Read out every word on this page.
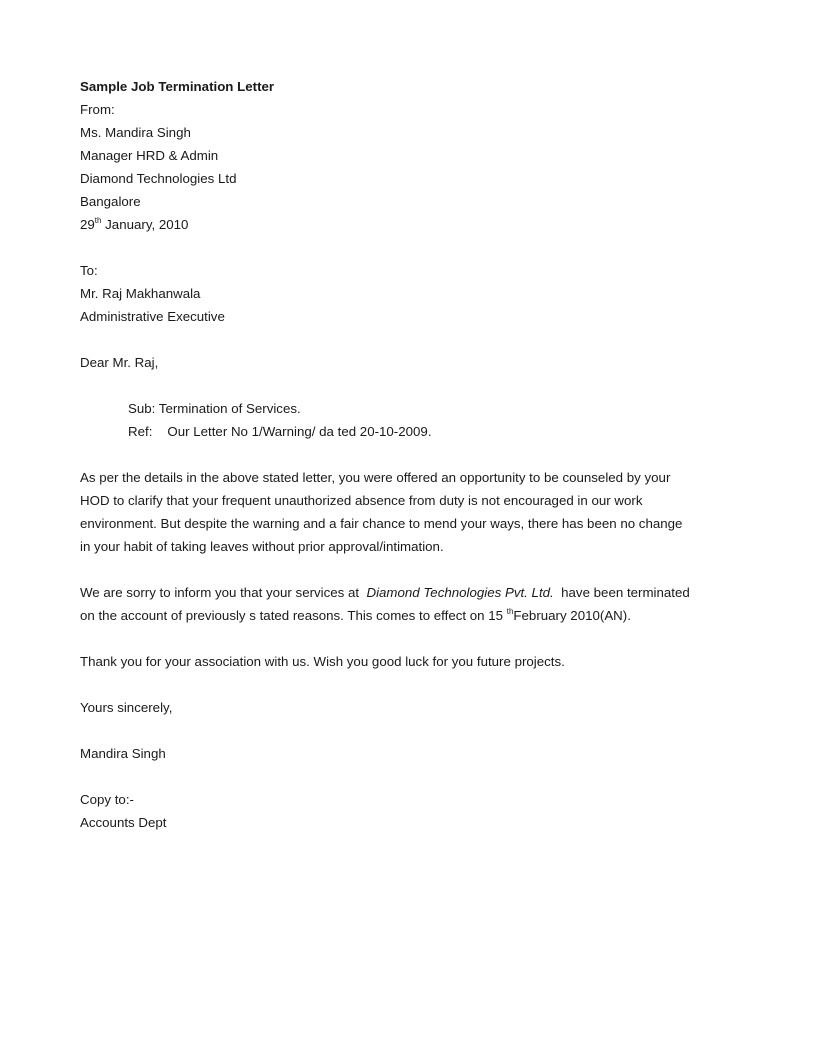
Sample Job Termination Letter
From:
Ms. Mandira Singh
Manager HRD & Admin
Diamond Technologies Ltd
Bangalore
29th January, 2010
To:
Mr. Raj Makhanwala
Administrative Executive
Dear Mr. Raj,
Sub: Termination of Services.
Ref: Our Letter No 1/Warning/ da ted 20-10-2009.
As per the details in the above stated letter, you were offered an opportunity to be counseled by your
HOD to clarify that your frequent unauthorized absence from duty is not encouraged in our work
environment. But despite the warning and a fair chance to mend your ways, there has been no change
in your habit of taking leaves without prior approval/intimation.
We are sorry to inform you that your services at  Diamond Technologies Pvt. Ltd.  have been terminated
on the account of previously s tated reasons. This comes to effect on 15 $^{th}$February 2010(AN).
Thank you for your association with us. Wish you good luck for you future projects.
Yours sincerely,
Mandira Singh
Copy to:-
Accounts Dept
